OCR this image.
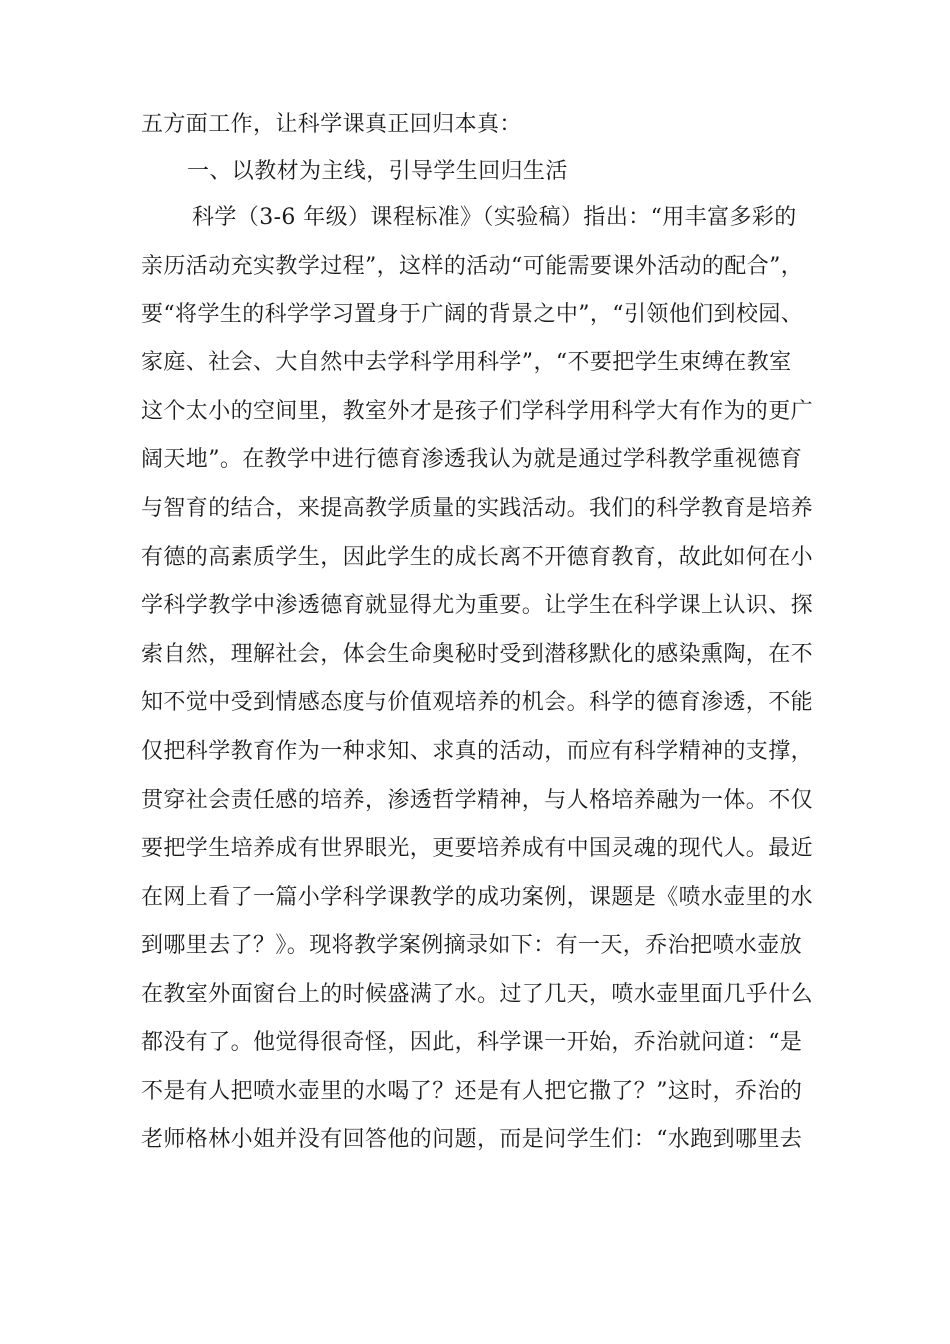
五方面工作，让科学课真正回归本真：
一、以教材为主线，引导学生回归生活
科学（3-6 年级）课程标准》（实验稿）指出：“用丰富多彩的
亲历活动充实教学过程”，这样的活动“可能需要课外活动的配合”，
要“将学生的科学学习置身于广阔的背景之中”，“引领他们到校园、
家庭、社会、大自然中去学科学用科学”，“不要把学生束缚在教室
这个太小的空间里，教室外才是孩子们学科学用科学大有作为的更广
阔天地”。在教学中进行德育渗透我认为就是通过学科教学重视德育
与智育的结合，来提高教学质量的实践活动。我们的科学教育是培养
有德的高素质学生，因此学生的成长离不开德育教育，故此如何在小
学科学教学中渗透德育就显得尤为重要。让学生在科学课上认识、探
索自然，理解社会，体会生命奥秘时受到潜移默化的感染熏陶，在不
知不觉中受到情感态度与价值观培养的机会。科学的德育渗透，不能
仅把科学教育作为一种求知、求真的活动，而应有科学精神的支撑，
贯穿社会责任感的培养，渗透哲学精神，与人格培养融为一体。不仅
要把学生培养成有世界眼光，更要培养成有中国灵魂的现代人。最近
在网上看了一篇小学科学课教学的成功案例，课题是《喷水壶里的水
到哪里去了？》。现将教学案例摘录如下：有一天，乔治把喷水壶放
在教室外面窗台上的时候盛满了水。过了几天，喷水壶里面几乎什么
都没有了。他觉得很奇怪，因此，科学课一开始，乔治就问道：“是
不是有人把喷水壶里的水喝了？还是有人把它撒了？”这时，乔治的
老师格林小姐并没有回答他的问题，而是问学生们：“水跑到哪里去
